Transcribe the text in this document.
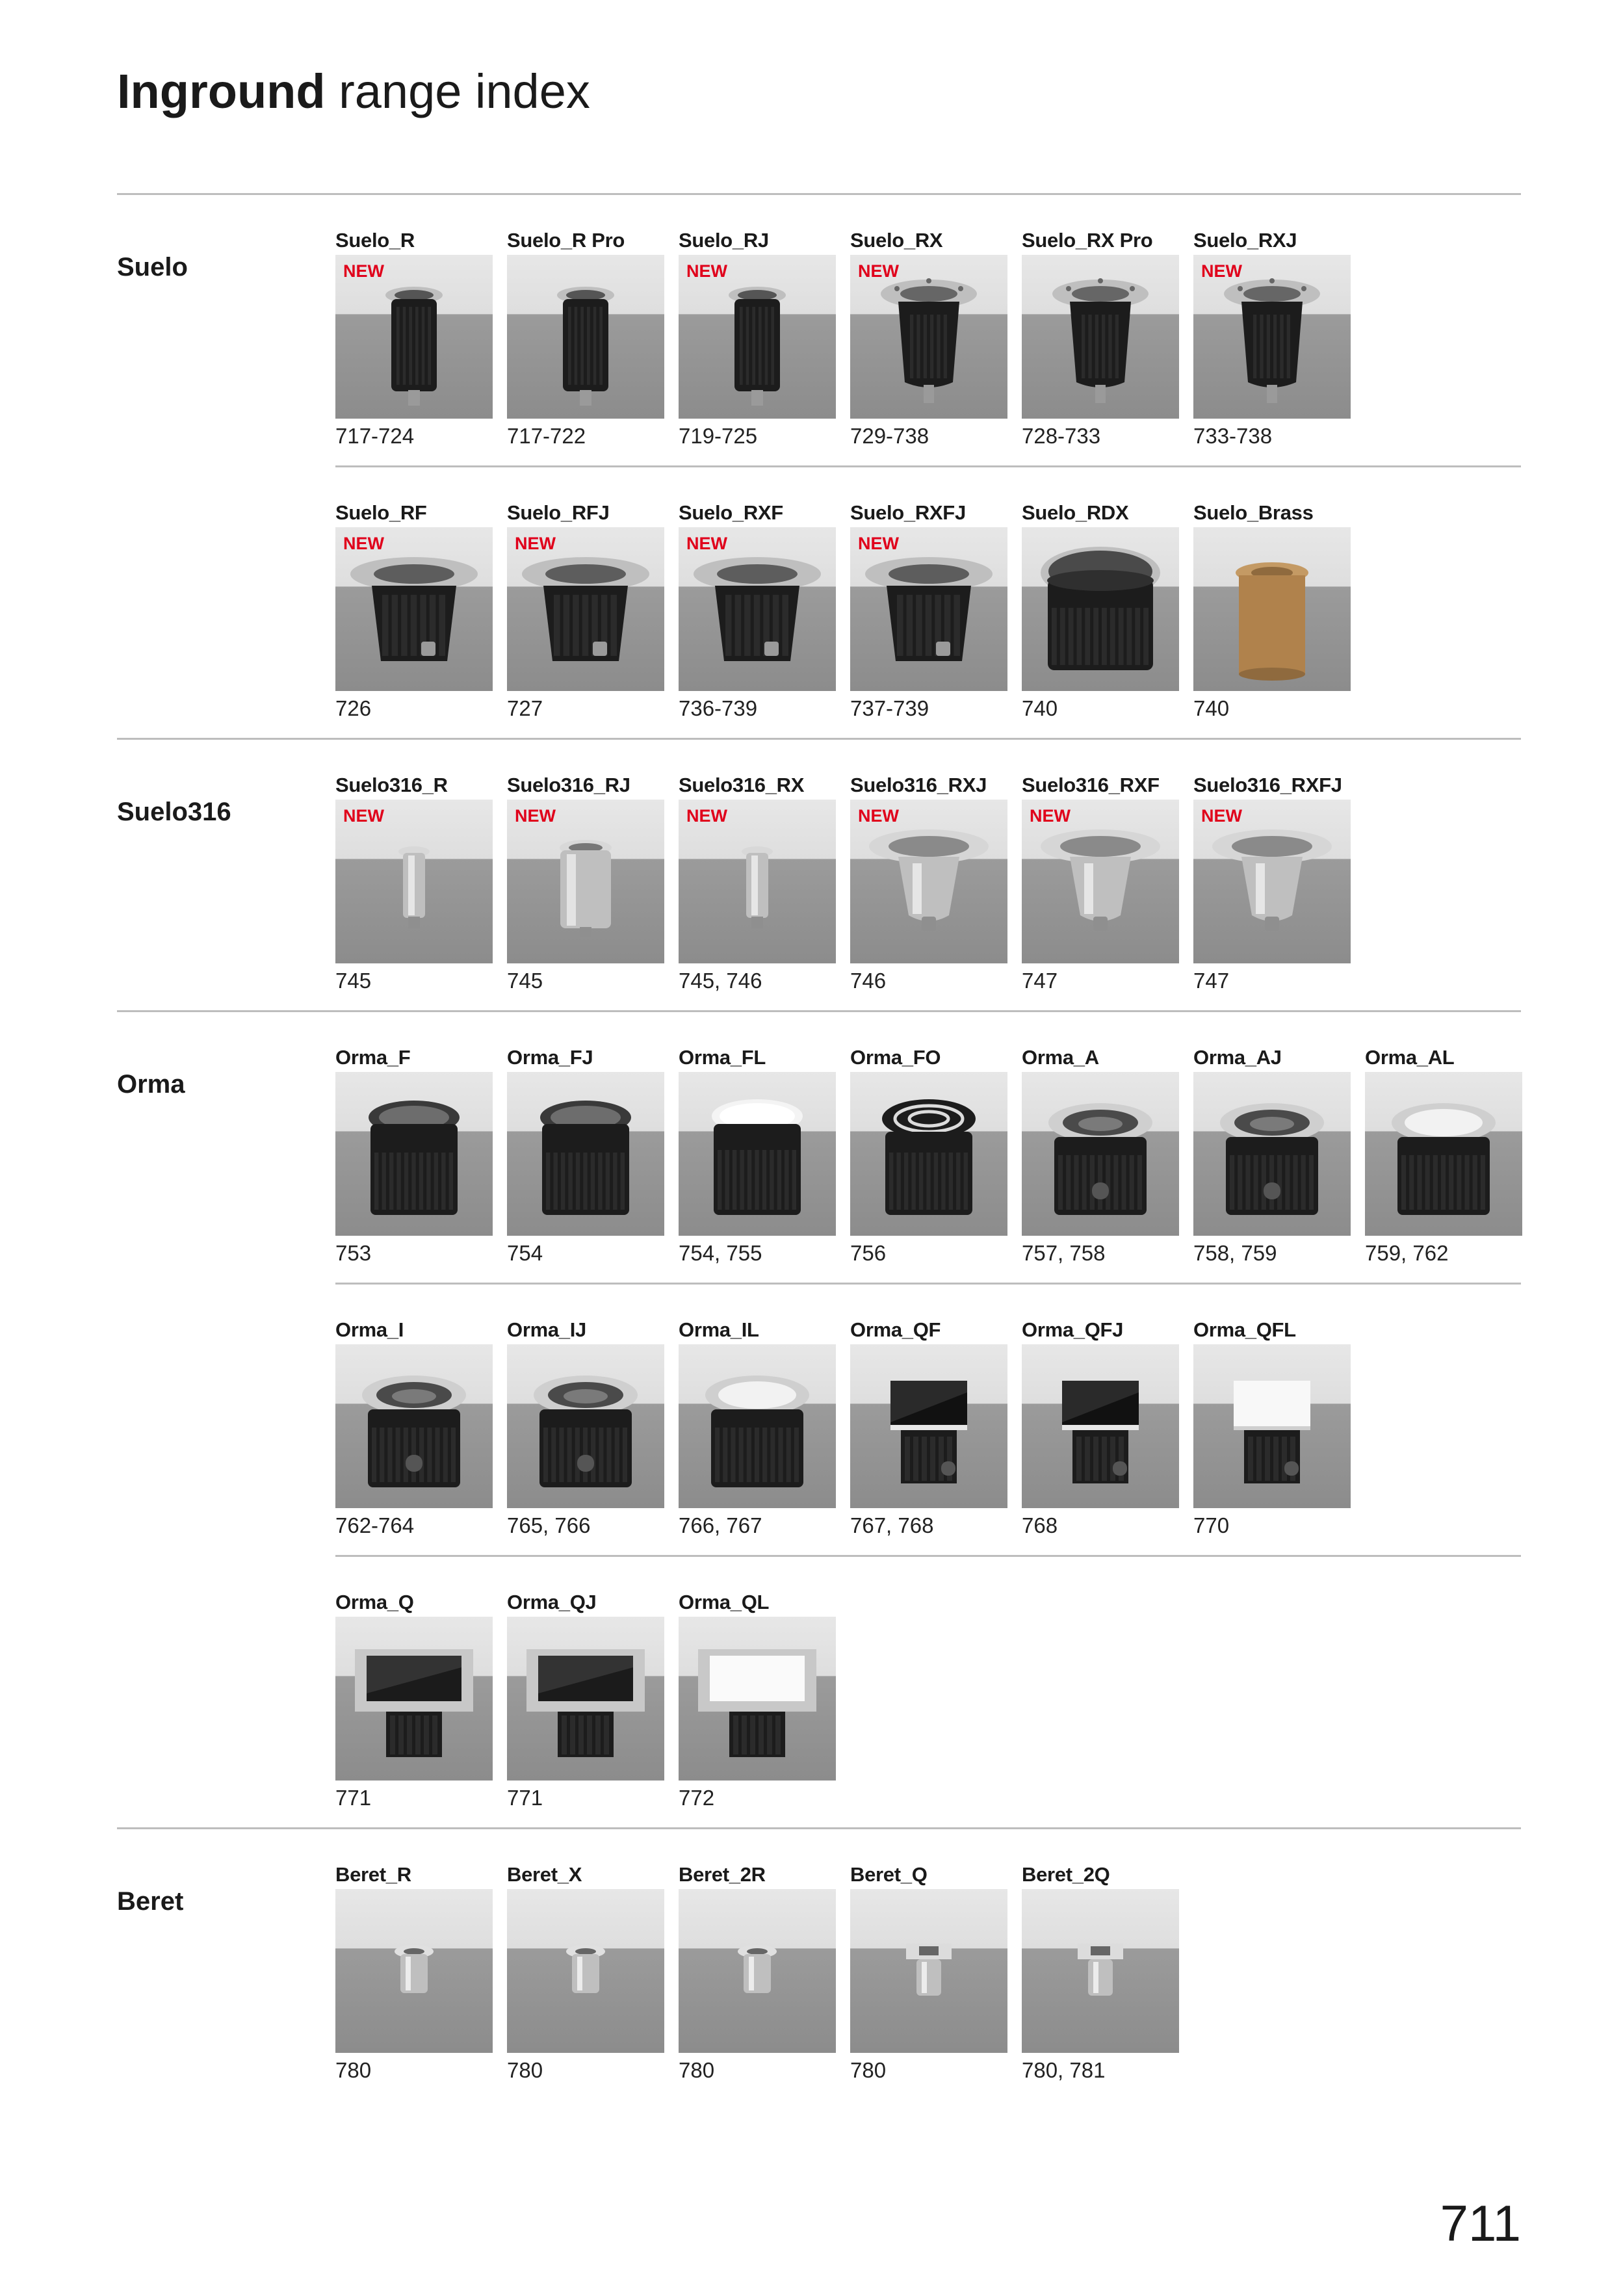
Inground range index
Suelo
Suelo_R
NEW
717-724
Suelo_R Pro
717-722
Suelo_RJ
NEW
719-725
Suelo_RX
NEW
729-738
Suelo_RX Pro
728-733
Suelo_RXJ
NEW
733-738
Suelo_RF
NEW
726
Suelo_RFJ
NEW
727
Suelo_RXF
NEW
736-739
Suelo_RXFJ
NEW
737-739
Suelo_RDX
740
Suelo_Brass
740
Suelo316
Suelo316_R
NEW
745
Suelo316_RJ
NEW
745
Suelo316_RX
NEW
745, 746
Suelo316_RXJ
NEW
746
Suelo316_RXF
NEW
747
Suelo316_RXFJ
NEW
747
Orma
Orma_F
753
Orma_FJ
754
Orma_FL
754, 755
Orma_FO
756
Orma_A
757, 758
Orma_AJ
758, 759
Orma_AL
759, 762
Orma_I
762-764
Orma_IJ
765, 766
Orma_IL
766, 767
Orma_QF
767, 768
Orma_QFJ
768
Orma_QFL
770
Orma_Q
771
Orma_QJ
771
Orma_QL
772
Beret
Beret_R
780
Beret_X
780
Beret_2R
780
Beret_Q
780
Beret_2Q
780, 781
711
